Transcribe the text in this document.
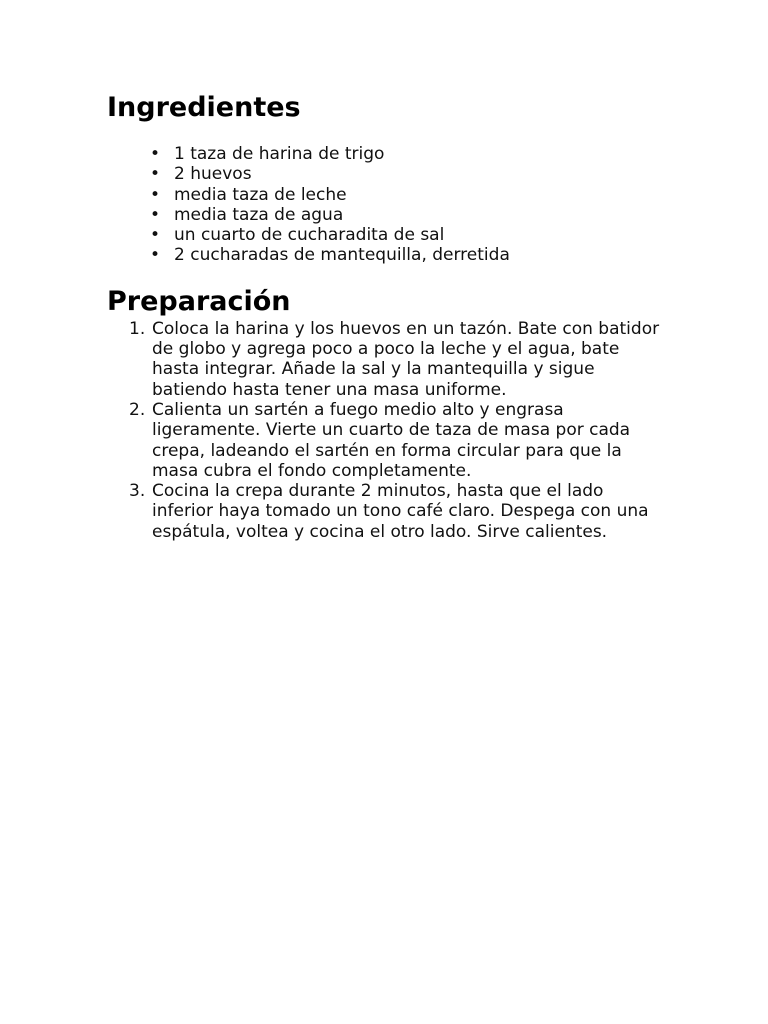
Ingredientes
• 1 taza de harina de trigo
• 2 huevos
• media taza de leche
• media taza de agua
• un cuarto de cucharadita de sal
• 2 cucharadas de mantequilla, derretida
Preparación
1. Coloca la harina y los huevos en un tazón. Bate con batidor de globo y agrega poco a poco la leche y el agua, bate hasta integrar. Añade la sal y la mantequilla y sigue batiendo hasta tener una masa uniforme.
2. Calienta un sartén a fuego medio alto y engrasa ligeramente. Vierte un cuarto de taza de masa por cada crepa, ladeando el sartén en forma circular para que la masa cubra el fondo completamente.
3. Cocina la crepa durante 2 minutos, hasta que el lado inferior haya tomado un tono café claro. Despega con una espátula, voltea y cocina el otro lado. Sirve calientes.
